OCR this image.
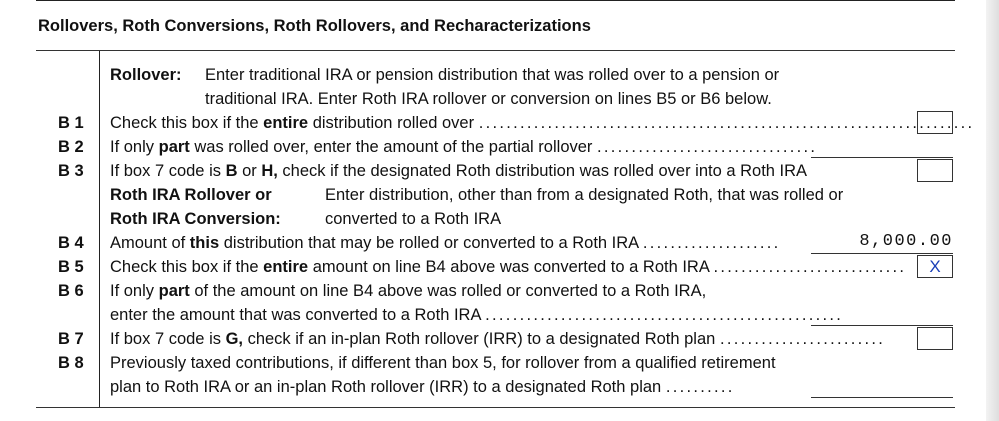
Rollovers, Roth Conversions, Roth Rollovers, and Recharacterizations
Rollover: Enter traditional IRA or pension distribution that was rolled over to a pension or
traditional IRA. Enter Roth IRA rollover or conversion on lines B5 or B6 below.
B 1 Check this box if the entire distribution rolled over ........................................................................
B 2 If only part was rolled over, enter the amount of the partial rollover ................................
B 3 If box 7 code is B or H, check if the designated Roth distribution was rolled over into a Roth IRA
Roth IRA Rollover or
Roth IRA Conversion:
Enter distribution, other than from a designated Roth, that was rolled or
converted to a Roth IRA
B 4 Amount of this distribution that may be rolled or converted to a Roth IRA ....................	8,000.00
B 5 Check this box if the entire amount on line B4 above was converted to a Roth IRA ............................	X
B 6 If only part of the amount on line B4 above was rolled or converted to a Roth IRA,
enter the amount that was converted to a Roth IRA ....................................................
B 7 If box 7 code is G, check if an in-plan Roth rollover (IRR) to a designated Roth plan ........................
B 8 Previously taxed contributions, if different than box 5, for rollover from a qualified retirement
plan to Roth IRA or an in-plan Roth rollover (IRR) to a designated Roth plan ..........
